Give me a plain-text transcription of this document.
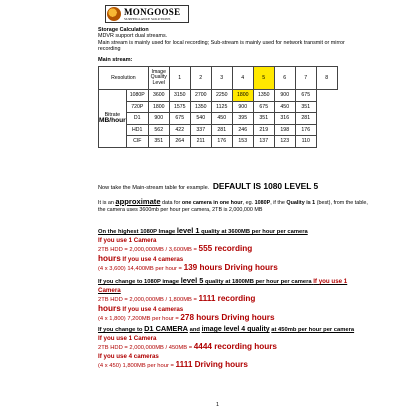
MONGOOSE
SURVEILLANCE SOLUTIONS
Storage Calculation
MDVR support dual streams.
Main stream is mainly used for local recording; Sub-stream is mainly used for network transmit or mirror recording
Main stream:
Resolution		Image Quality Level	1	2	3	4	5	6	7	8
Bitrate
MB/hour	1080P	3600	3150	2700	2250	1800	1350	900	675	
	720P	1800	1575	1350	1125	900	675	450	351	
	D1	900	675	540	450	395	351	316	281	
	HD1	562	422	337	281	246	219	198	176	
	CIF	351	264	211	176	153	137	123	110	
Now take the Main-stream table for example. DEFAULT IS 1080 LEVEL 5
It is an approximate data for one camera in one hour, eg. 1080P, if the Quality is 1 (best), from the table, the camera uses 3600mb per hour per camera, 2TB is 2,000,000 MB
On the highest 1080P Image level 1 quality at 3600MB per hour per camera
If you use 1 Camera
2TB HDD = 2,000,000MB / 3,600MB = 555 recording
hours If you use 4 cameras
(4 x 3,600) 14,400MB per hour = 139 hours Driving hours
If you change to 1080P image level 5 quality at 1800MB per hour per camera If you use 1 Camera
2TB HDD = 2,000,000MB / 1,800MB = 1111 recording
hours If you use 4 cameras
(4 x 1,800) 7,200MB per hour = 278 hours Driving hours
If you change to D1 CAMERA and image level 4 quality at 450mb per hour per camera
If you use 1 Camera
2TB HDD = 2,000,000MB / 450MB = 4444 recording hours
If you use 4 cameras
(4 x 450) 1,800MB per hour = 1111 Driving hours
1
